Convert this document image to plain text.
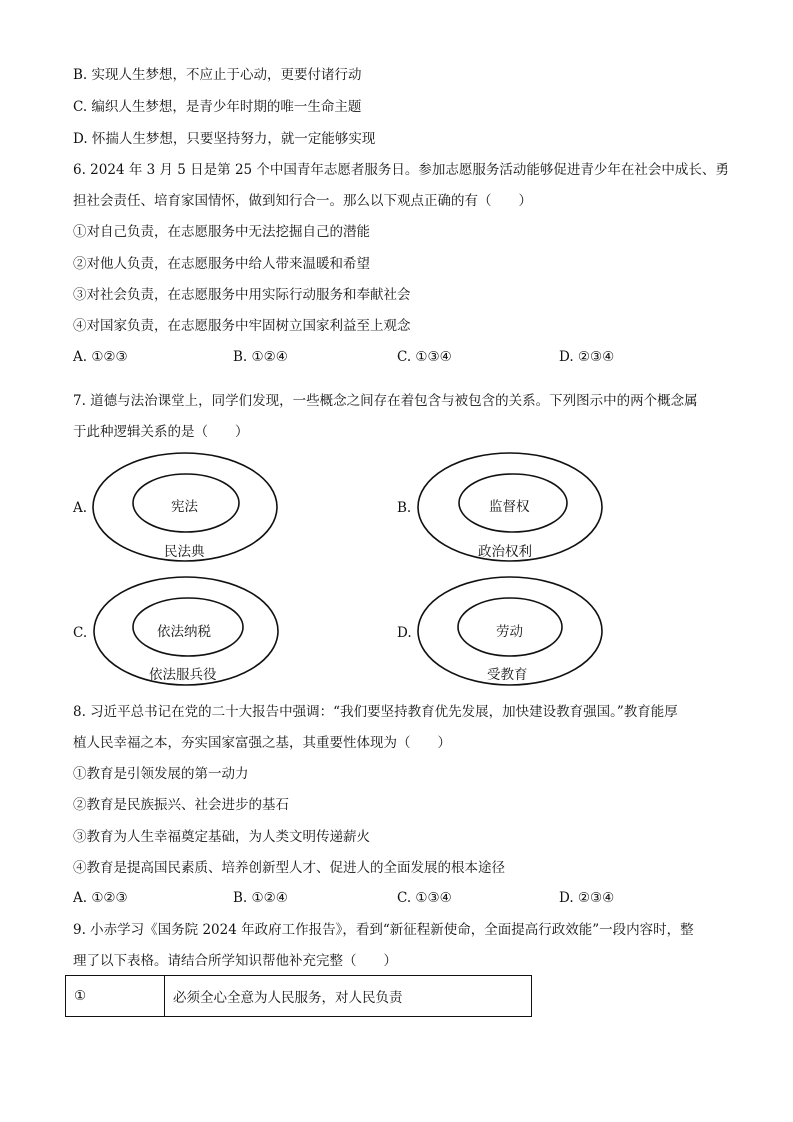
B. 实现人生梦想，不应止于心动，更要付诸行动
C. 编织人生梦想，是青少年时期的唯一生命主题
D. 怀揣人生梦想，只要坚持努力，就一定能够实现
6. 2024 年 3 月 5 日是第 25 个中国青年志愿者服务日。参加志愿服务活动能够促进青少年在社会中成长、勇
担社会责任、培育家国情怀，做到知行合一。那么以下观点正确的有（　　）
①对自己负责，在志愿服务中无法挖掘自己的潜能
②对他人负责，在志愿服务中给人带来温暖和希望
③对社会负责，在志愿服务中用实际行动服务和奉献社会
④对国家负责，在志愿服务中牢固树立国家利益至上观念
A. ①②③	B. ①②④	C. ①③④	D. ②③④
7. 道德与法治课堂上，同学们发现，一些概念之间存在着包含与被包含的关系。下列图示中的两个概念属
于此种逻辑关系的是（　　）
A.	宪法
民法典
B.	监督权
政治权利
C.	依法纳税
依法服兵役
D.	劳动
受教育
8. 习近平总书记在党的二十大报告中强调：“我们要坚持教育优先发展，加快建设教育强国。”教育能厚
植人民幸福之本，夯实国家富强之基，其重要性体现为（　　）
①教育是引领发展的第一动力
②教育是民族振兴、社会进步的基石
③教育为人生幸福奠定基础，为人类文明传递薪火
④教育是提高国民素质、培养创新型人才、促进人的全面发展的根本途径
A. ①②③	B. ①②④	C. ①③④	D. ②③④
9. 小赤学习《国务院 2024 年政府工作报告》，看到“新征程新使命，全面提高行政效能”一段内容时，整
理了以下表格。请结合所学知识帮他补充完整（　　）
①	必须全心全意为人民服务，对人民负责
